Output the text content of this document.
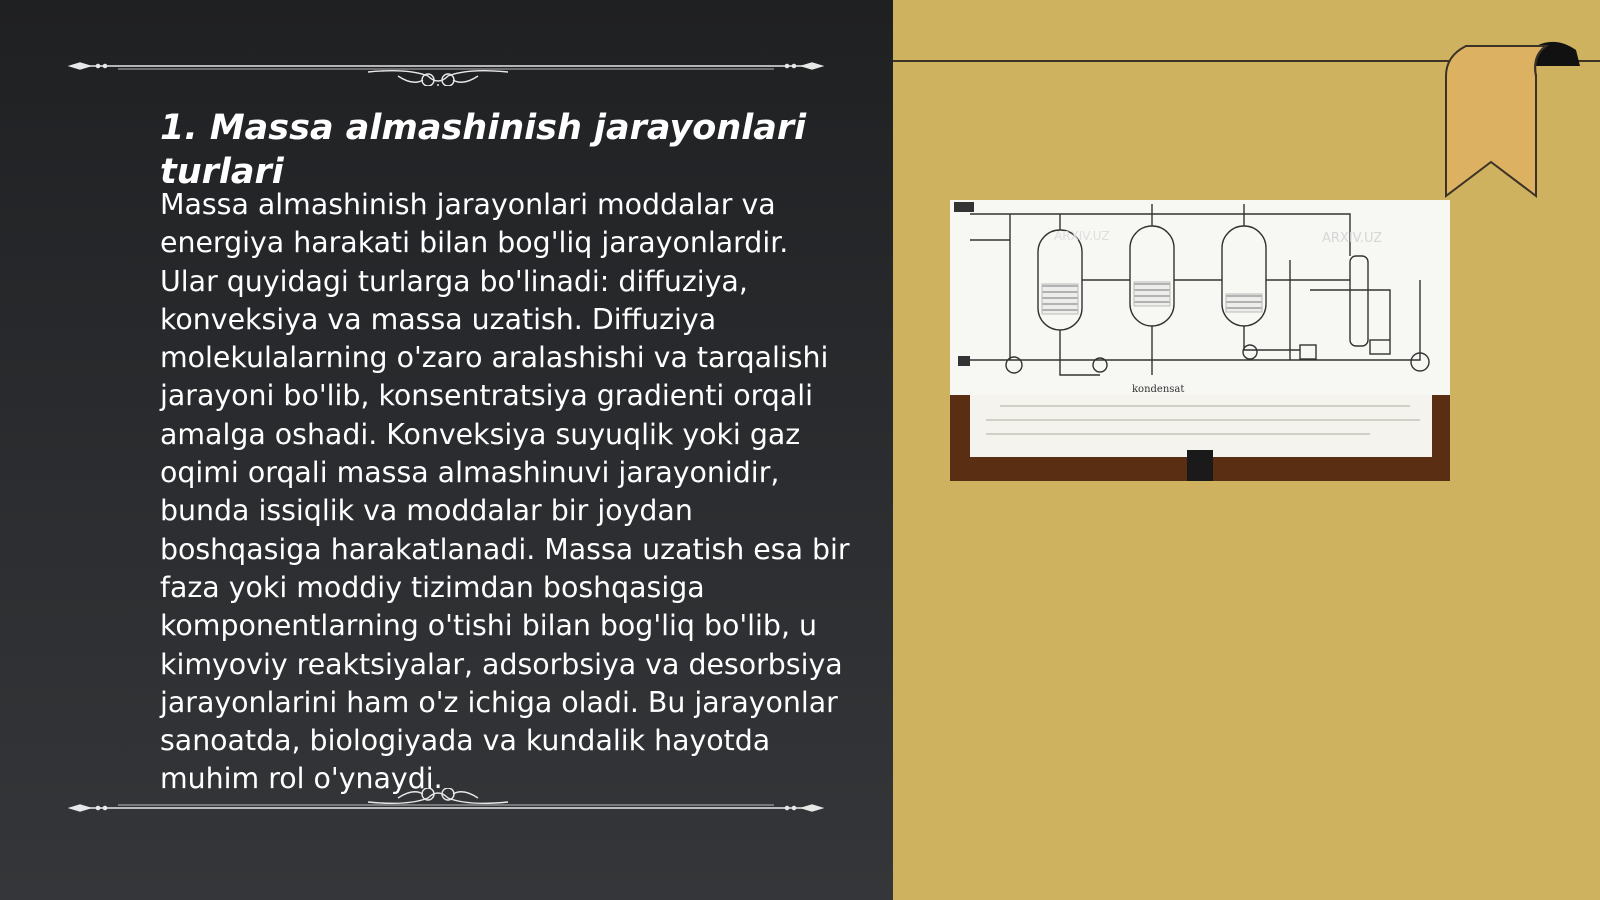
1. Massa almashinish jarayonlari turlari

Massa almashinish jarayonlari moddalar va energiya harakati bilan bog'liq jarayonlardir. Ular quyidagi turlarga bo'linadi: diffuziya, konveksiya va massa uzatish. Diffuziya molekulalarning o'zaro aralashishi va tarqalishi jarayoni bo'lib, konsentratsiya gradienti orqali amalga oshadi. Konveksiya suyuqlik yoki gaz oqimi orqali massa almashinuvi jarayonidir, bunda issiqlik va moddalar bir joydan boshqasiga harakatlanadi. Massa uzatish esa bir faza yoki moddiy tizimdan boshqasiga komponentlarning o'tishi bilan bog'liq bo'lib, u kimyoviy reaktsiyalar, adsorbsiya va desorbsiya jarayonlarini ham o'z ichiga oladi. Bu jarayonlar sanoatda, biologiyada va kundalik hayotda muhim rol o'ynaydi.

kondensat
ARXIV.UZ
ARXIV.UZ
